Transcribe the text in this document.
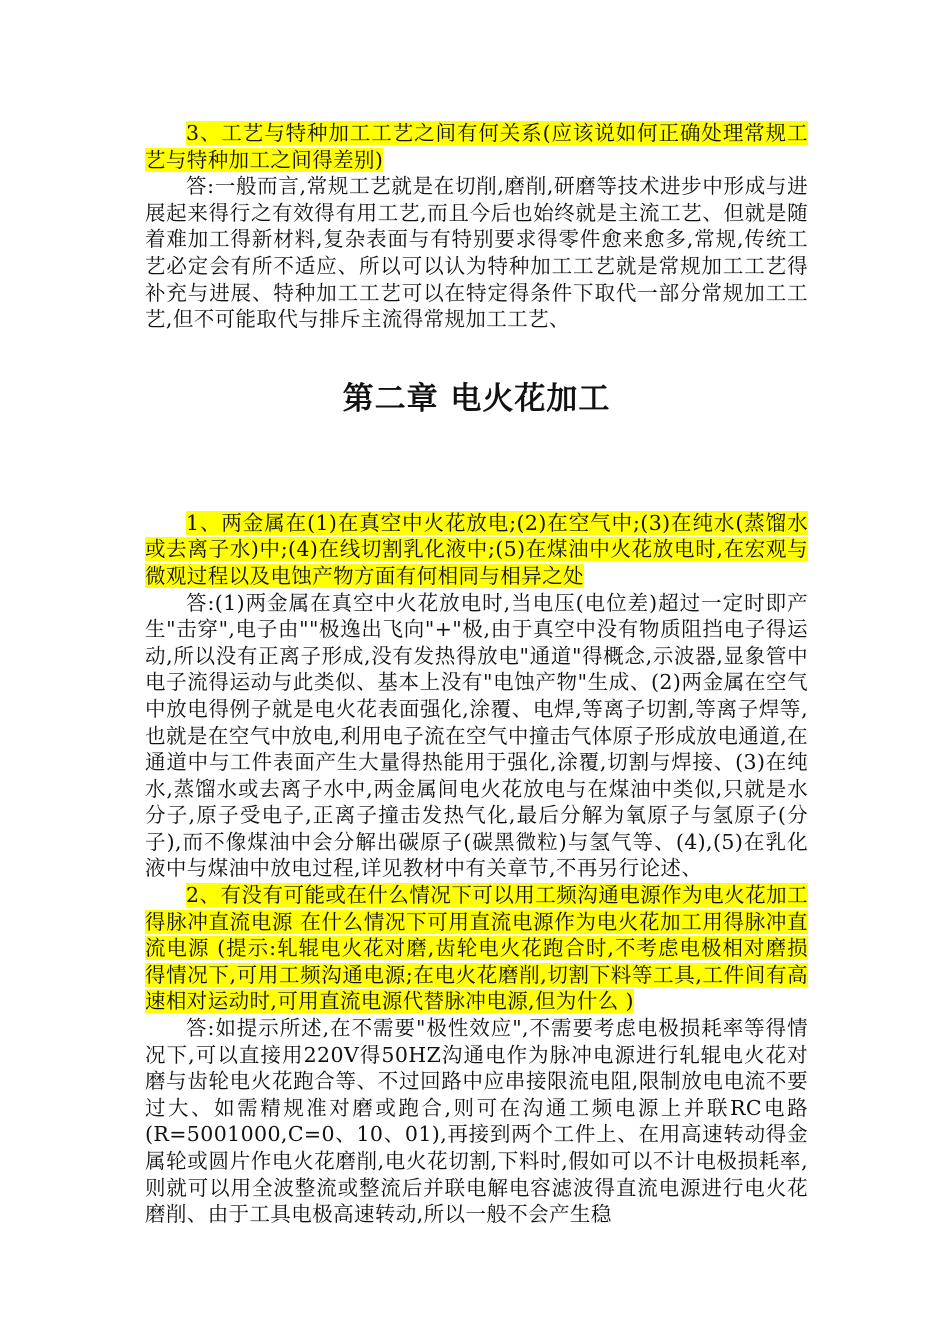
3、工艺与特种加工工艺之间有何关系(应该说如何正确处理常规工艺与特种加工之间得差别)

答:一般而言,常规工艺就是在切削,磨削,研磨等技术进步中形成与进展起来得行之有效得有用工艺,而且今后也始终就是主流工艺、但就是随着难加工得新材料,复杂表面与有特别要求得零件愈来愈多,常规,传统工艺必定会有所不适应、所以可以认为特种加工工艺就是常规加工工艺得补充与进展、特种加工工艺可以在特定得条件下取代一部分常规加工工艺,但不可能取代与排斥主流得常规加工工艺、

第二章 电火花加工

1、两金属在(1)在真空中火花放电;(2)在空气中;(3)在纯水(蒸馏水或去离子水)中;(4)在线切割乳化液中;(5)在煤油中火花放电时,在宏观与微观过程以及电蚀产物方面有何相同与相异之处

答:(1)两金属在真空中火花放电时,当电压(电位差)超过一定时即产生"击穿",电子由""极逸出飞向"+"极,由于真空中没有物质阻挡电子得运动,所以没有正离子形成,没有发热得放电"通道"得概念,示波器,显象管中电子流得运动与此类似、基本上没有"电蚀产物"生成、(2)两金属在空气中放电得例子就是电火花表面强化,涂覆、电焊,等离子切割,等离子焊等,也就是在空气中放电,利用电子流在空气中撞击气体原子形成放电通道,在通道中与工件表面产生大量得热能用于强化,涂覆,切割与焊接、(3)在纯水,蒸馏水或去离子水中,两金属间电火花放电与在煤油中类似,只就是水分子,原子受电子,正离子撞击发热气化,最后分解为氧原子与氢原子(分子),而不像煤油中会分解出碳原子(碳黑微粒)与氢气等、(4),(5)在乳化液中与煤油中放电过程,详见教材中有关章节,不再另行论述、

2、有没有可能或在什么情况下可以用工频沟通电源作为电火花加工得脉冲直流电源 在什么情况下可用直流电源作为电火花加工用得脉冲直流电源 (提示:轧辊电火花对磨,齿轮电火花跑合时,不考虑电极相对磨损得情况下,可用工频沟通电源;在电火花磨削,切割下料等工具,工件间有高速相对运动时,可用直流电源代替脉冲电源,但为什么 )

答:如提示所述,在不需要"极性效应",不需要考虑电极损耗率等得情况下,可以直接用220V得50HZ沟通电作为脉冲电源进行轧辊电火花对磨与齿轮电火花跑合等、不过回路中应串接限流电阻,限制放电电流不要过大、如需精规准对磨或跑合,则可在沟通工频电源上并联RC电路(R=5001000,C=0、10、01),再接到两个工件上、在用高速转动得金属轮或圆片作电火花磨削,电火花切割,下料时,假如可以不计电极损耗率,则就可以用全波整流或整流后并联电解电容滤波得直流电源进行电火花磨削、由于工具电极高速转动,所以一般不会产生稳
